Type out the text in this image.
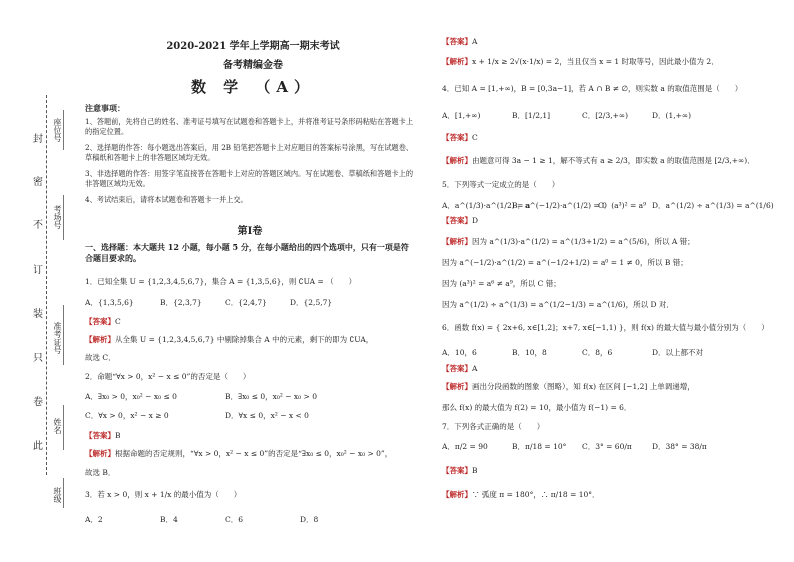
封
密
不
订
装
只
卷
此
座位号
考场号
准考证号
姓名
班级
2020-2021 学年上学期高一期末考试
备考精编金卷
数 学 （A）
注意事项：
1、答题前，先将自己的姓名、准考证号填写在试题卷和答题卡上，并将准考证号条形码粘贴在答题卡上的指定位置。
2、选择题的作答：每小题选出答案后，用 2B 铅笔把答题卡上对应题目的答案标号涂黑，写在试题卷、草稿纸和答题卡上的非答题区域均无效。
3、非选择题的作答：用签字笔直接答在答题卡上对应的答题区域内。写在试题卷、草稿纸和答题卡上的非答题区域均无效。
4、考试结束后，请将本试题卷和答题卡一并上交。
第Ⅰ卷
一、选择题：本大题共 12 小题，每小题 5 分，在每小题给出的四个选项中，只有一项是符合题目要求的。
1．已知全集 U = {1,2,3,4,5,6,7}，集合 A = {1,3,5,6}，则 ∁UA = （　　）
A．{1,3,5,6}	B．{2,3,7}	C．{2,4,7}	D．{2,5,7}
【答案】C
【解析】从全集 U = {1,2,3,4,5,6,7} 中剔除掉集合 A 中的元素，剩下的即为 ∁UA，
故选 C．
2．命题“∀x > 0，x² − x ≤ 0”的否定是（　　）
A．∃x₀ > 0，x₀² − x₀ ≤ 0	B．∃x₀ ≤ 0，x₀² − x₀ > 0
C．∀x > 0，x² − x ≥ 0	D．∀x ≤ 0，x² − x < 0
【答案】B
【解析】根据命题的否定规则，“∀x > 0，x² − x ≤ 0”的否定是“∃x₀ ≤ 0，x₀² − x₀ > 0”，
故选 B．
3．若 x > 0，则 x + 1/x 的最小值为（　　）
A．2	B．4	C．6	D．8
【答案】A
【解析】x + 1/x ≥ 2√(x·1/x) = 2，当且仅当 x = 1 时取等号，因此最小值为 2．
4．已知 A = [1,+∞)，B = [0,3a−1]，若 A ∩ B ≠ ∅，则实数 a 的取值范围是（　　）
A．[1,+∞)	B．[1/2,1]	C．[2/3,+∞)	D．(1,+∞)
【答案】C
【解析】由题意可得 3a − 1 ≥ 1，解不等式有 a ≥ 2/3，即实数 a 的取值范围是 [2/3,+∞)．
5．下列等式一定成立的是（　　）
A．a^(1/3)·a^(1/2) = a
B．a^(−1/2)·a^(1/2) = 0
C．(a³)² = a⁹ D．a^(1/2) ÷ a^(1/3) = a^(1/6)
【答案】D
【解析】因为 a^(1/3)·a^(1/2) = a^(1/3+1/2) = a^(5/6)，所以 A 错；
因为 a^(−1/2)·a^(1/2) = a^(−1/2+1/2) = a⁰ = 1 ≠ 0，所以 B 错；
因为 (a³)² = a⁶ ≠ a⁹，所以 C 错；
因为 a^(1/2) ÷ a^(1/3) = a^(1/2−1/3) = a^(1/6)，所以 D 对．
6．函数 f(x) = { 2x+6, x∈[1,2]；x+7, x∈[−1,1) }，则 f(x) 的最大值与最小值分别为（　　）
A．10，6	B．10，8	C．8，6	D．以上都不对
【答案】A
【解析】画出分段函数的图象（图略），知 f(x) 在区间 [−1,2] 上单调递增，
那么 f(x) 的最大值为 f(2) = 10，最小值为 f(−1) = 6．
7．下列各式正确的是（　　）
A．π/2 = 90	B．π/18 = 10° C．3° = 60/π	D．38° = 38/π
【答案】B
【解析】∵ 弧度 π = 180°，∴ π/18 = 10°．
